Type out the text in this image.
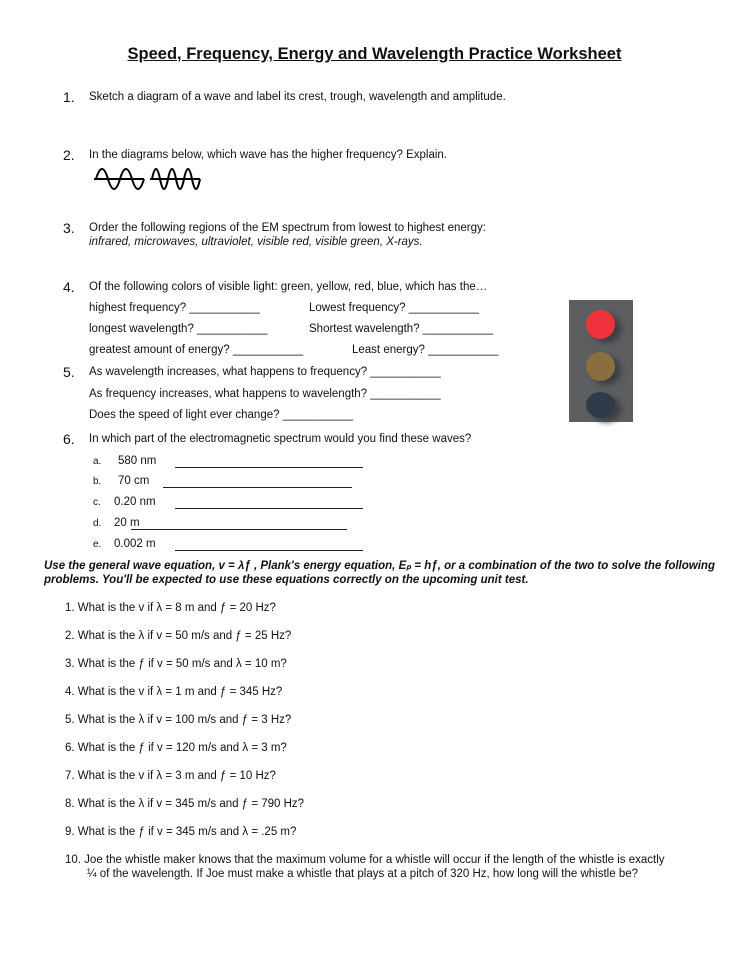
Speed, Frequency, Energy and Wavelength Practice Worksheet
1. Sketch a diagram of a wave and label its crest, trough, wavelength and amplitude.
2. In the diagrams below, which wave has the higher frequency? Explain.
3. Order the following regions of the EM spectrum from lowest to highest energy:
infrared, microwaves, ultraviolet, visible red, visible green, X-rays.
4. Of the following colors of visible light: green, yellow, red, blue, which has the…
highest frequency? ___________	Lowest frequency? ___________
longest wavelength? ___________	Shortest wavelength? ___________
greatest amount of energy? ___________	Least energy? ___________
5. As wavelength increases, what happens to frequency? ___________
As frequency increases, what happens to wavelength? ___________
Does the speed of light ever change? ___________
6. In which part of the electromagnetic spectrum would you find these waves?
a. 580 nm
b. 70 cm
c. 0.20 nm
d. 20 m
e. 0.002 m
Use the general wave equation, v = λƒ , Plank's energy equation, Eₚ = hƒ, or a combination of the two to solve the following problems. You'll be expected to use these equations correctly on the upcoming unit test.
1. What is the v if λ = 8 m and ƒ = 20 Hz?
2. What is the λ if v = 50 m/s and ƒ = 25 Hz?
3. What is the ƒ if v = 50 m/s and λ = 10 m?
4. What is the v if λ = 1 m and ƒ = 345 Hz?
5. What is the λ if v = 100 m/s and ƒ = 3 Hz?
6. What is the ƒ if v = 120 m/s and λ = 3 m?
7. What is the v if λ = 3 m and ƒ = 10 Hz?
8. What is the λ if v = 345 m/s and ƒ = 790 Hz?
9. What is the ƒ if v = 345 m/s and λ = .25 m?
10. Joe the whistle maker knows that the maximum volume for a whistle will occur if the length of the whistle is exactly
¼ of the wavelength. If Joe must make a whistle that plays at a pitch of 320 Hz, how long will the whistle be?
